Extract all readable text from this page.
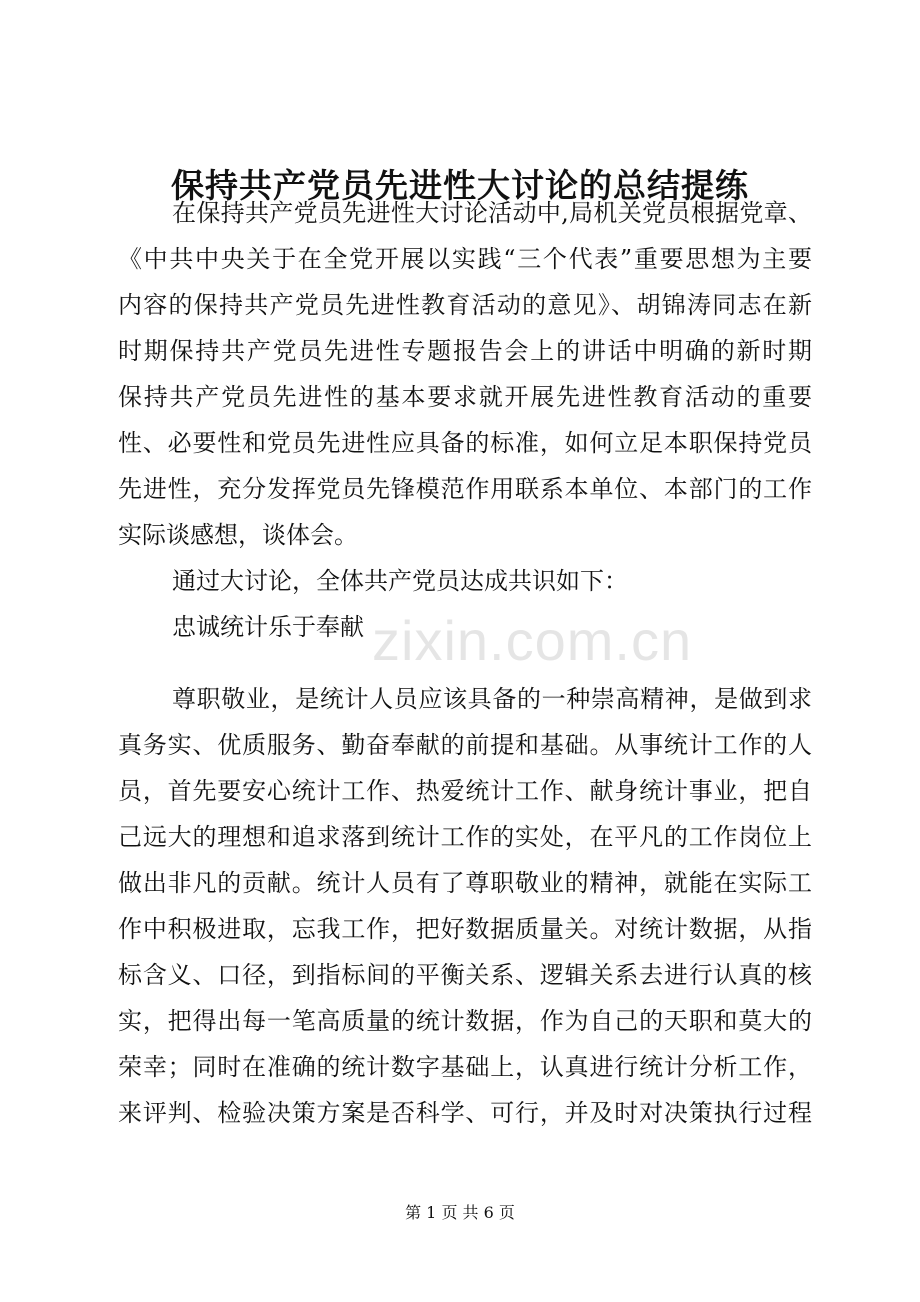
保持共产党员先进性大讨论的总结提练
在保持共产党员先进性大讨论活动中,局机关党员根据党章、
《中共中央关于在全党开展以实践“三个代表”重要思想为主要
内容的保持共产党员先进性教育活动的意见》、胡锦涛同志在新
时期保持共产党员先进性专题报告会上的讲话中明确的新时期
保持共产党员先进性的基本要求就开展先进性教育活动的重要
性、必要性和党员先进性应具备的标准，如何立足本职保持党员
先进性，充分发挥党员先锋模范作用联系本单位、本部门的工作
实际谈感想，谈体会。
通过大讨论，全体共产党员达成共识如下：
忠诚统计乐于奉献
尊职敬业，是统计人员应该具备的一种崇高精神，是做到求
真务实、优质服务、勤奋奉献的前提和基础。从事统计工作的人
员，首先要安心统计工作、热爱统计工作、献身统计事业，把自
己远大的理想和追求落到统计工作的实处，在平凡的工作岗位上
做出非凡的贡献。统计人员有了尊职敬业的精神，就能在实际工
作中积极进取，忘我工作，把好数据质量关。对统计数据，从指
标含义、口径，到指标间的平衡关系、逻辑关系去进行认真的核
实，把得出每一笔高质量的统计数据，作为自己的天职和莫大的
荣幸；同时在准确的统计数字基础上，认真进行统计分析工作，
来评判、检验决策方案是否科学、可行，并及时对决策执行过程
zixin.com.cn
第 1 页 共 6 页
